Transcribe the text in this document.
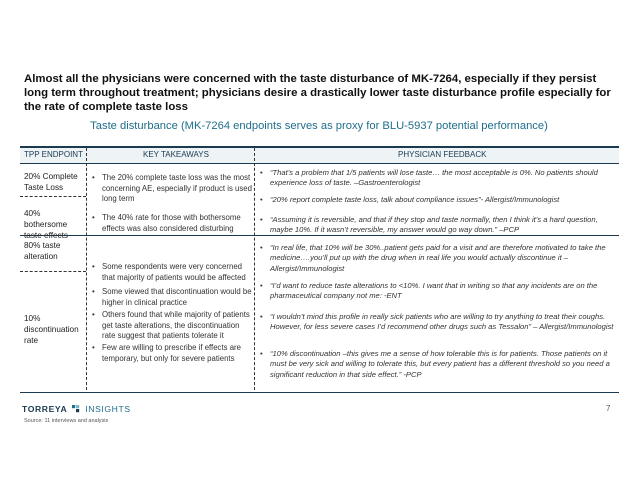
Almost all the physicians were concerned with the taste disturbance of MK-7264, especially if they persist long term throughout treatment; physicians desire a drastically lower taste disturbance profile especially for the rate of complete taste loss
Taste disturbance (MK-7264 endpoints serves as proxy for BLU-5937 potential performance)
TPP ENDPOINT	KEY TAKEAWAYS	PHYSICIAN FEEDBACK
20% Complete Taste Loss
40% bothersome taste effects
80% taste alteration
10% discontinuation rate
• The 20% complete taste loss was the most concerning AE, especially if product is used long term
• The 40% rate for those with bothersome effects was also considered disturbing
• Some respondents were very concerned that majority of patients would be affected
• Some viewed that discontinuation would be higher in clinical practice
• Others found that while majority of patients get taste alterations, the discontinuation rate suggest that patients tolerate it
• Few are willing to prescribe if effects are temporary, but only for severe patients
• “That’s a problem that 1/5 patients will lose taste… the most acceptable is 0%. No patients should experience loss of taste. –Gastroenterologist
• “20% report complete taste loss, talk about compliance issues”- Allergist/Immunologist
• “Assuming it is reversible, and that if they stop and taste normally, then I think it’s a hard question, maybe 10%. If it wasn’t reversible, my answer would go way down.” –PCP
• “In real life, that 10% will be 30%..patient gets paid for a visit and are therefore motivated to take the medicine….you’ll put up with the drug when in real life you would actually discontinue it – Allergist/Immunologist
• “I’d want to reduce taste alterations to <10%. I want that in writing so that any incidents are on the pharmaceutical company not me: -ENT
• “I wouldn’t mind this profile in really sick patients who are willing to try anything to treat their coughs. However, for less severe cases I’d recommend other drugs such as Tessalon” – Allergist/Immunologist
• “10% discontinuation –this gives me a sense of how tolerable this is for patients. Those patients on it must be very sick and willing to tolerate this, but every patient has a different threshold so you need a significant reduction in that side effect.” -PCP
TORREYA INSIGHTS
Source: 11 interviews and analysis
7
